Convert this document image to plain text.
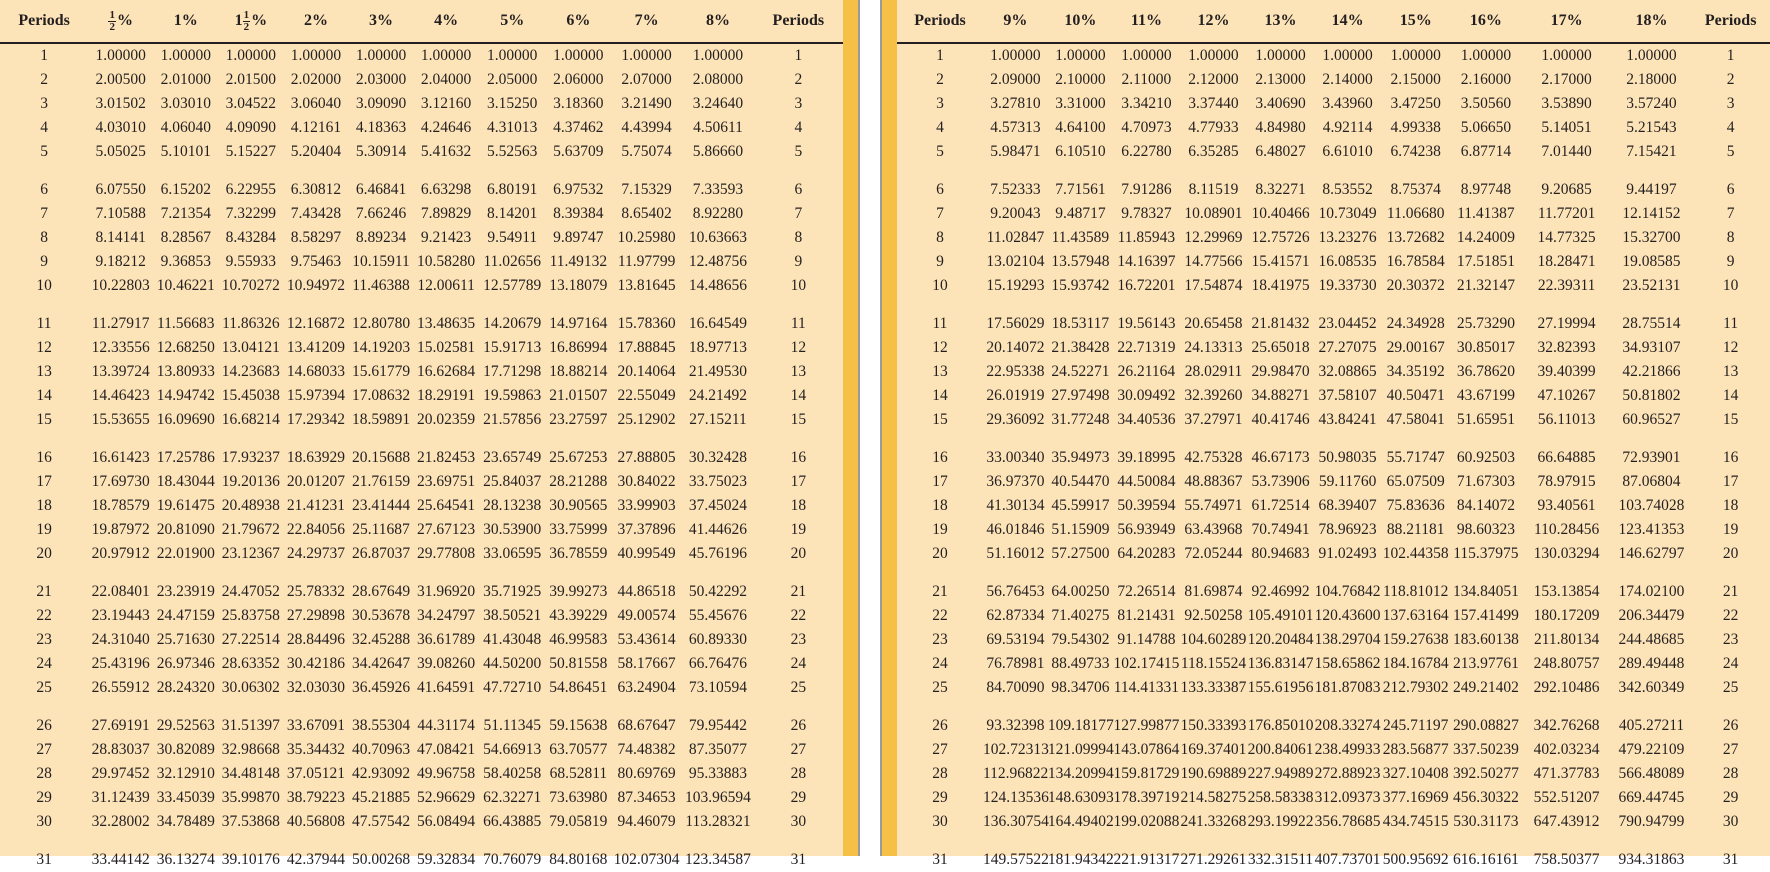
Periods	$\frac{1}{2}$ %	1%	$1 \frac{1}{2}$ %	2%	3%	4%	5%	6%	7%	8%	Periods
1	1.00000	1.00000	1.00000	1.00000	1.00000	1.00000	1.00000	1.00000	1.00000	1.00000	1
2	2.00500	2.01000	2.01500	2.02000	2.03000	2.04000	2.05000	2.06000	2.07000	2.08000	2
3	3.01502	3.03010	3.04522	3.06040	3.09090	3.12160	3.15250	3.18360	3.21490	3.24640	3
4	4.03010	4.06040	4.09090	4.12161	4.18363	4.24646	4.31013	4.37462	4.43994	4.50611	4
5	5.05025	5.10101	5.15227	5.20404	5.30914	5.41632	5.52563	5.63709	5.75074	5.86660	5
6	6.07550	6.15202	6.22955	6.30812	6.46841	6.63298	6.80191	6.97532	7.15329	7.33593	6
7	7.10588	7.21354	7.32299	7.43428	7.66246	7.89829	8.14201	8.39384	8.65402	8.92280	7
8	8.14141	8.28567	8.43284	8.58297	8.89234	9.21423	9.54911	9.89747	10.25980	10.63663	8
9	9.18212	9.36853	9.55933	9.75463	10.15911	10.58280	11.02656	11.49132	11.97799	12.48756	9
10	10.22803	10.46221	10.70272	10.94972	11.46388	12.00611	12.57789	13.18079	13.81645	14.48656	10
11	11.27917	11.56683	11.86326	12.16872	12.80780	13.48635	14.20679	14.97164	15.78360	16.64549	11
12	12.33556	12.68250	13.04121	13.41209	14.19203	15.02581	15.91713	16.86994	17.88845	18.97713	12
13	13.39724	13.80933	14.23683	14.68033	15.61779	16.62684	17.71298	18.88214	20.14064	21.49530	13
14	14.46423	14.94742	15.45038	15.97394	17.08632	18.29191	19.59863	21.01507	22.55049	24.21492	14
15	15.53655	16.09690	16.68214	17.29342	18.59891	20.02359	21.57856	23.27597	25.12902	27.15211	15
16	16.61423	17.25786	17.93237	18.63929	20.15688	21.82453	23.65749	25.67253	27.88805	30.32428	16
17	17.69730	18.43044	19.20136	20.01207	21.76159	23.69751	25.84037	28.21288	30.84022	33.75023	17
18	18.78579	19.61475	20.48938	21.41231	23.41444	25.64541	28.13238	30.90565	33.99903	37.45024	18
19	19.87972	20.81090	21.79672	22.84056	25.11687	27.67123	30.53900	33.75999	37.37896	41.44626	19
20	20.97912	22.01900	23.12367	24.29737	26.87037	29.77808	33.06595	36.78559	40.99549	45.76196	20
21	22.08401	23.23919	24.47052	25.78332	28.67649	31.96920	35.71925	39.99273	44.86518	50.42292	21
22	23.19443	24.47159	25.83758	27.29898	30.53678	34.24797	38.50521	43.39229	49.00574	55.45676	22
23	24.31040	25.71630	27.22514	28.84496	32.45288	36.61789	41.43048	46.99583	53.43614	60.89330	23
24	25.43196	26.97346	28.63352	30.42186	34.42647	39.08260	44.50200	50.81558	58.17667	66.76476	24
25	26.55912	28.24320	30.06302	32.03030	36.45926	41.64591	47.72710	54.86451	63.24904	73.10594	25
26	27.69191	29.52563	31.51397	33.67091	38.55304	44.31174	51.11345	59.15638	68.67647	79.95442	26
27	28.83037	30.82089	32.98668	35.34432	40.70963	47.08421	54.66913	63.70577	74.48382	87.35077	27
28	29.97452	32.12910	34.48148	37.05121	42.93092	49.96758	58.40258	68.52811	80.69769	95.33883	28
29	31.12439	33.45039	35.99870	38.79223	45.21885	52.96629	62.32271	73.63980	87.34653	103.96594	29
30	32.28002	34.78489	37.53868	40.56808	47.57542	56.08494	66.43885	79.05819	94.46079	113.28321	30
31	33.44142	36.13274	39.10176	42.37944	50.00268	59.32834	70.76079	84.80168	102.07304	123.34587	31
Periods	9%	10%	11%	12%	13%	14%	15%	16%	17%	18%	Periods
1	1.00000	1.00000	1.00000	1.00000	1.00000	1.00000	1.00000	1.00000	1.00000	1.00000	1
2	2.09000	2.10000	2.11000	2.12000	2.13000	2.14000	2.15000	2.16000	2.17000	2.18000	2
3	3.27810	3.31000	3.34210	3.37440	3.40690	3.43960	3.47250	3.50560	3.53890	3.57240	3
4	4.57313	4.64100	4.70973	4.77933	4.84980	4.92114	4.99338	5.06650	5.14051	5.21543	4
5	5.98471	6.10510	6.22780	6.35285	6.48027	6.61010	6.74238	6.87714	7.01440	7.15421	5
6	7.52333	7.71561	7.91286	8.11519	8.32271	8.53552	8.75374	8.97748	9.20685	9.44197	6
7	9.20043	9.48717	9.78327	10.08901	10.40466	10.73049	11.06680	11.41387	11.77201	12.14152	7
8	11.02847	11.43589	11.85943	12.29969	12.75726	13.23276	13.72682	14.24009	14.77325	15.32700	8
9	13.02104	13.57948	14.16397	14.77566	15.41571	16.08535	16.78584	17.51851	18.28471	19.08585	9
10	15.19293	15.93742	16.72201	17.54874	18.41975	19.33730	20.30372	21.32147	22.39311	23.52131	10
11	17.56029	18.53117	19.56143	20.65458	21.81432	23.04452	24.34928	25.73290	27.19994	28.75514	11
12	20.14072	21.38428	22.71319	24.13313	25.65018	27.27075	29.00167	30.85017	32.82393	34.93107	12
13	22.95338	24.52271	26.21164	28.02911	29.98470	32.08865	34.35192	36.78620	39.40399	42.21866	13
14	26.01919	27.97498	30.09492	32.39260	34.88271	37.58107	40.50471	43.67199	47.10267	50.81802	14
15	29.36092	31.77248	34.40536	37.27971	40.41746	43.84241	47.58041	51.65951	56.11013	60.96527	15
16	33.00340	35.94973	39.18995	42.75328	46.67173	50.98035	55.71747	60.92503	66.64885	72.93901	16
17	36.97370	40.54470	44.50084	48.88367	53.73906	59.11760	65.07509	71.67303	78.97915	87.06804	17
18	41.30134	45.59917	50.39594	55.74971	61.72514	68.39407	75.83636	84.14072	93.40561	103.74028	18
19	46.01846	51.15909	56.93949	63.43968	70.74941	78.96923	88.21181	98.60323	110.28456	123.41353	19
20	51.16012	57.27500	64.20283	72.05244	80.94683	91.02493	102.44358	115.37975	130.03294	146.62797	20
21	56.76453	64.00250	72.26514	81.69874	92.46992	104.76842	118.81012	134.84051	153.13854	174.02100	21
22	62.87334	71.40275	81.21431	92.50258	105.49101	120.43600	137.63164	157.41499	180.17209	206.34479	22
23	69.53194	79.54302	91.14788	104.60289	120.20484	138.29704	159.27638	183.60138	211.80134	244.48685	23
24	76.78981	88.49733	102.17415	118.15524	136.83147	158.65862	184.16784	213.97761	248.80757	289.49448	24
25	84.70090	98.34706	114.41331	133.33387	155.61956	181.87083	212.79302	249.21402	292.10486	342.60349	25
26	93.32398	109.18177	127.99877	150.33393	176.85010	208.33274	245.71197	290.08827	342.76268	405.27211	26
27	102.72313	121.09994	143.07864	169.37401	200.84061	238.49933	283.56877	337.50239	402.03234	479.22109	27
28	112.96822	134.20994	159.81729	190.69889	227.94989	272.88923	327.10408	392.50277	471.37783	566.48089	28
29	124.13536	148.63093	178.39719	214.58275	258.58338	312.09373	377.16969	456.30322	552.51207	669.44745	29
30	136.30754	164.49402	199.02088	241.33268	293.19922	356.78685	434.74515	530.31173	647.43912	790.94799	30
31	149.57522	181.94342	221.91317	271.29261	332.31511	407.73701	500.95692	616.16161	758.50377	934.31863	31
